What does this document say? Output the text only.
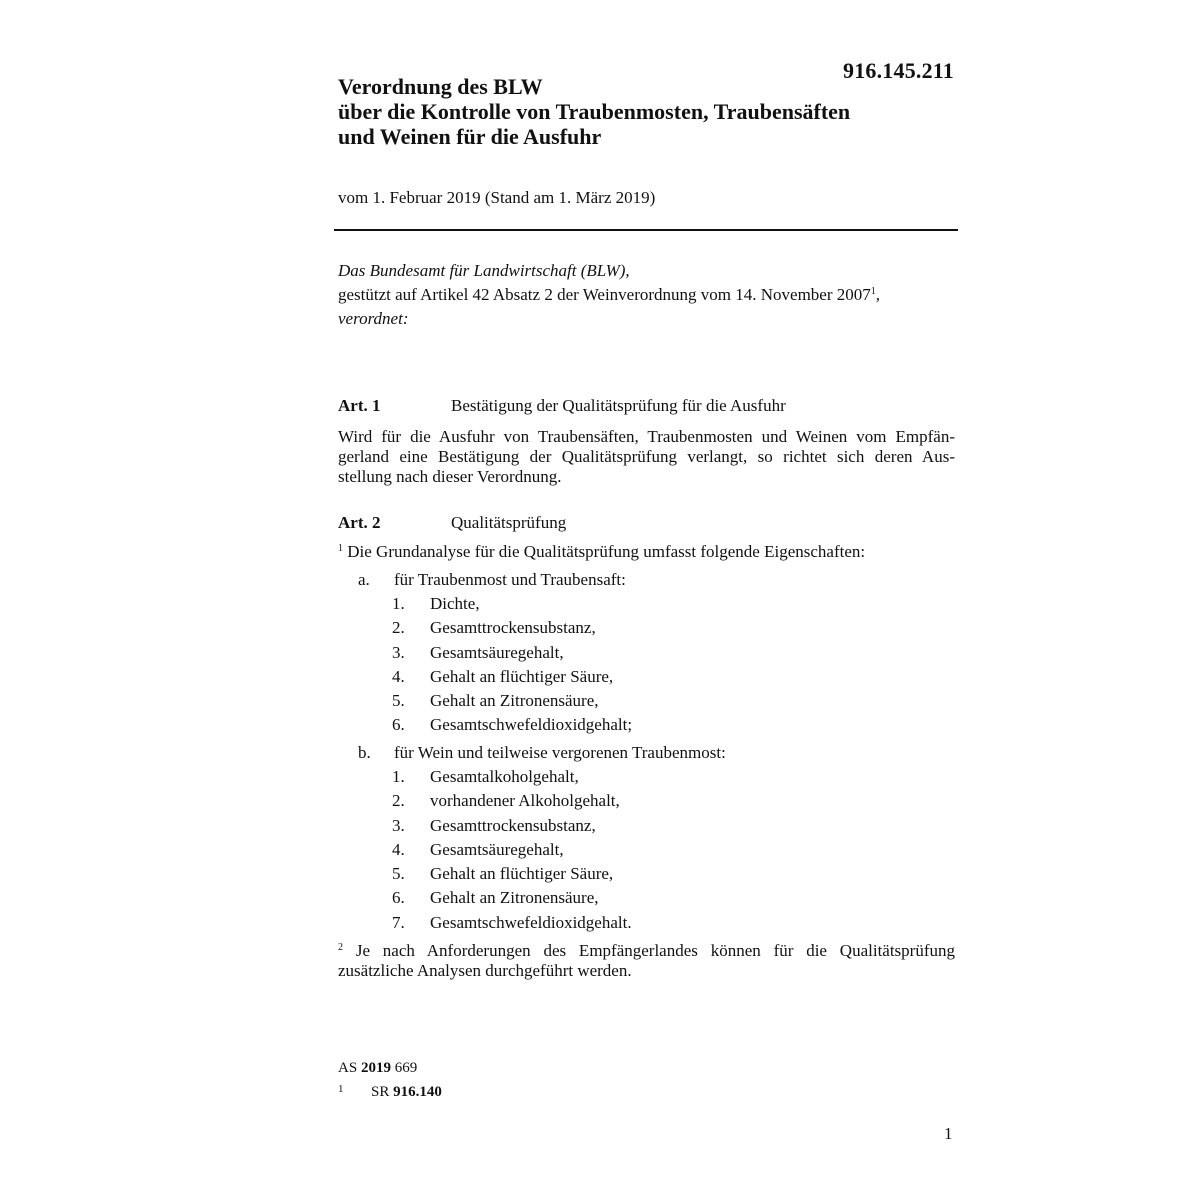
916.145.211
Verordnung des BLW
über die Kontrolle von Traubenmosten, Traubensäften
und Weinen für die Ausfuhr
vom 1. Februar 2019 (Stand am 1. März 2019)
Das Bundesamt für Landwirtschaft (BLW),
gestützt auf Artikel 42 Absatz 2 der Weinverordnung vom 14. November 2007$^1$,
verordnet:
Art. 1	Bestätigung der Qualitätsprüfung für die Ausfuhr
Wird für die Ausfuhr von Traubensäften, Traubenmosten und Weinen vom Empfän-
gerland eine Bestätigung der Qualitätsprüfung verlangt, so richtet sich deren Aus-
stellung nach dieser Verordnung.
Art. 2	Qualitätsprüfung
$^1$ Die Grundanalyse für die Qualitätsprüfung umfasst folgende Eigenschaften:
a. für Traubenmost und Traubensaft:
1. Dichte,
2. Gesamttrockensubstanz,
3. Gesamtsäuregehalt,
4. Gehalt an flüchtiger Säure,
5. Gehalt an Zitronensäure,
6. Gesamtschwefeldioxidgehalt;
b. für Wein und teilweise vergorenen Traubenmost:
1. Gesamtalkoholgehalt,
2. vorhandener Alkoholgehalt,
3. Gesamttrockensubstanz,
4. Gesamtsäuregehalt,
5. Gehalt an flüchtiger Säure,
6. Gehalt an Zitronensäure,
7. Gesamtschwefeldioxidgehalt.
$^2$ Je nach Anforderungen des Empfängerlandes können für die Qualitätsprüfung
zusätzliche Analysen durchgeführt werden.
AS 2019 669
1 SR 916.140
1
